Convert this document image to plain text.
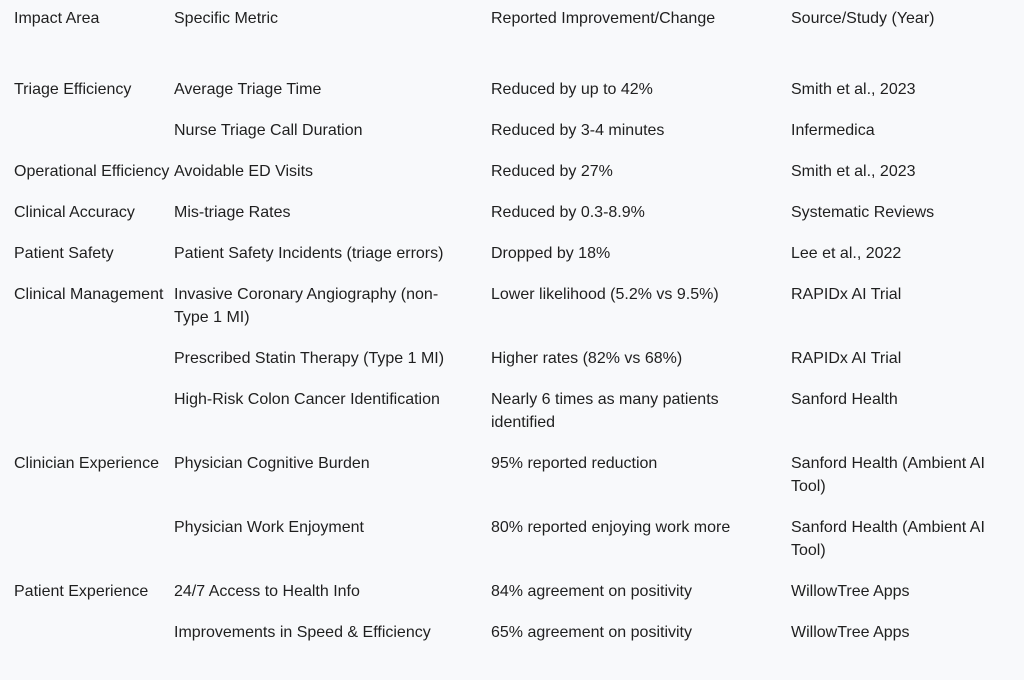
Impact Area	Specific Metric	Reported Improvement/Change	Source/Study (Year)
Triage Efficiency	Average Triage Time	Reduced by up to 42%	Smith et al., 2023
	Nurse Triage Call Duration	Reduced by 3-4 minutes	Infermedica
Operational Efficiency	Avoidable ED Visits	Reduced by 27%	Smith et al., 2023
Clinical Accuracy	Mis-triage Rates	Reduced by 0.3-8.9%	Systematic Reviews
Patient Safety	Patient Safety Incidents (triage errors)	Dropped by 18%	Lee et al., 2022
Clinical Management	Invasive Coronary Angiography (non-Type 1 MI)	Lower likelihood (5.2% vs 9.5%)	RAPIDx AI Trial
	Prescribed Statin Therapy (Type 1 MI)	Higher rates (82% vs 68%)	RAPIDx AI Trial
	High-Risk Colon Cancer Identification	Nearly 6 times as many patients identified	Sanford Health
Clinician Experience	Physician Cognitive Burden	95% reported reduction	Sanford Health (Ambient AI Tool)
	Physician Work Enjoyment	80% reported enjoying work more	Sanford Health (Ambient AI Tool)
Patient Experience	24/7 Access to Health Info	84% agreement on positivity	WillowTree Apps
	Improvements in Speed & Efficiency	65% agreement on positivity	WillowTree Apps
